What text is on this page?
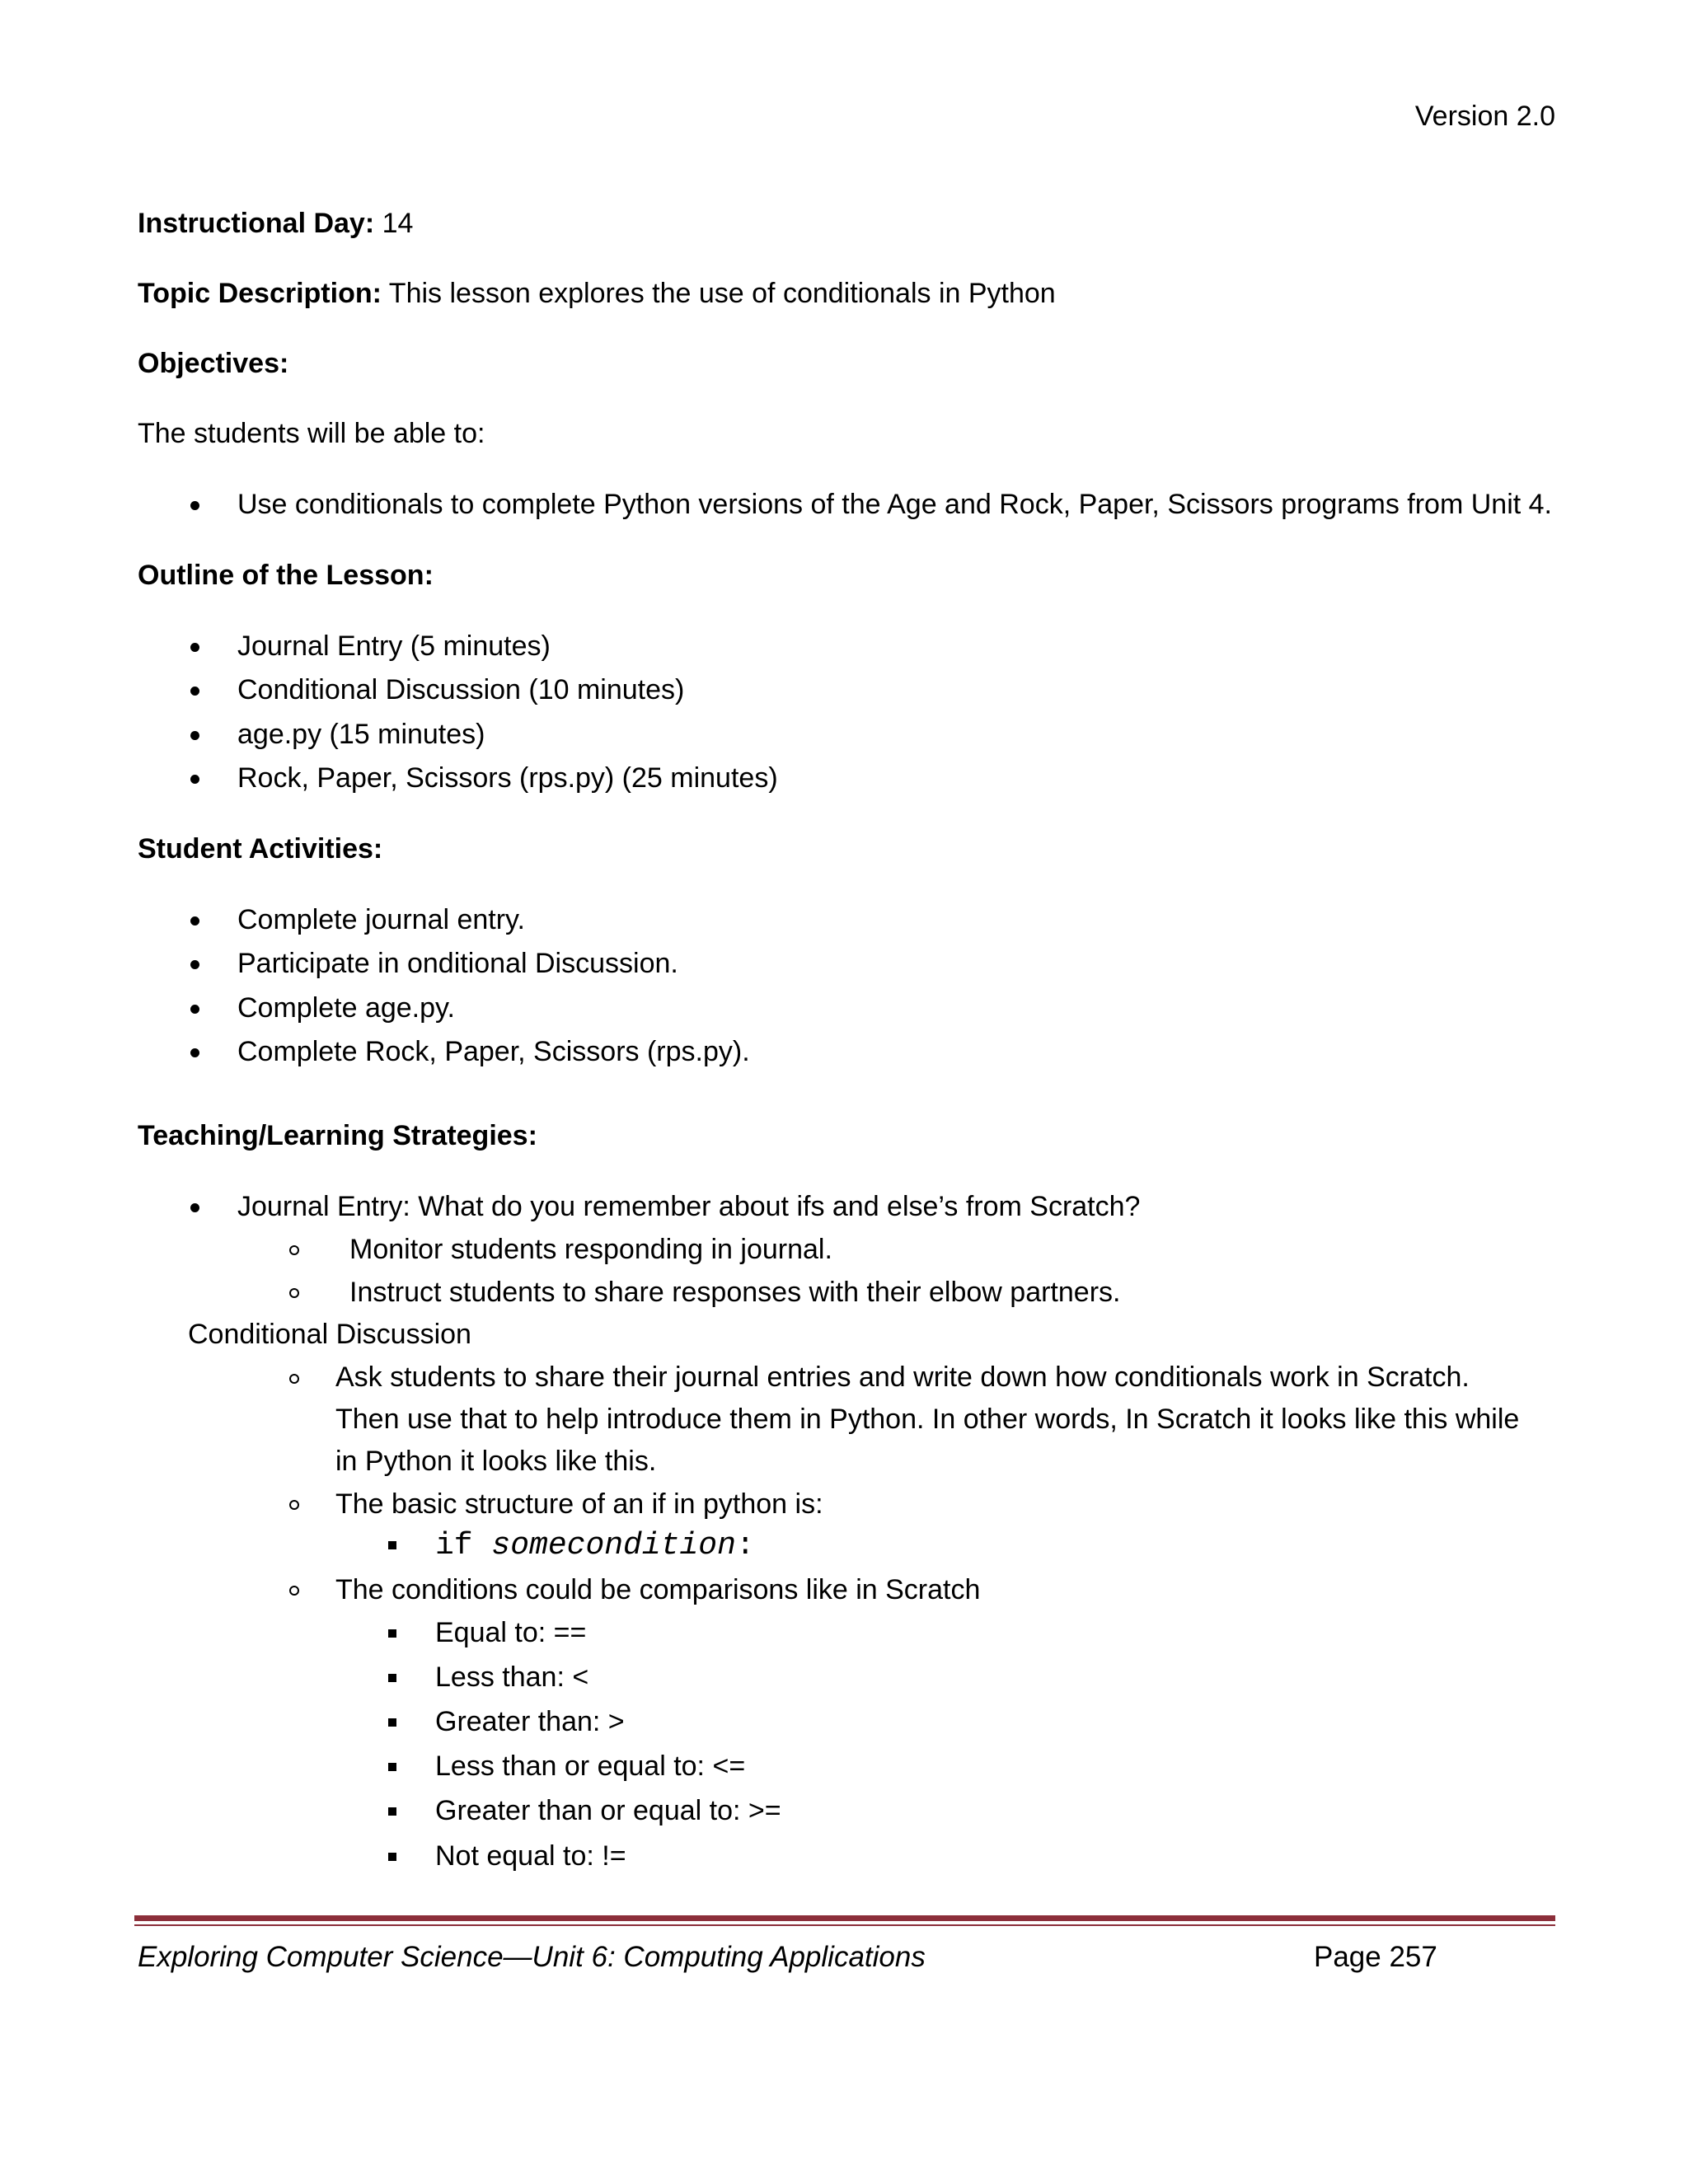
Version 2.0
Instructional Day: 14
Topic Description: This lesson explores the use of conditionals in Python
Objectives:
The students will be able to:
Use conditionals to complete Python versions of the Age and Rock, Paper, Scissors programs from Unit 4.
Outline of the Lesson:
Journal Entry (5 minutes)
Conditional Discussion (10 minutes)
age.py (15 minutes)
Rock, Paper, Scissors (rps.py) (25 minutes)
Student Activities:
Complete journal entry.
Participate in onditional Discussion.
Complete age.py.
Complete Rock, Paper, Scissors (rps.py).
Teaching/Learning Strategies:
Journal Entry: What do you remember about ifs and else’s from Scratch?
Monitor students responding in journal.
Instruct students to share responses with their elbow partners.
Conditional Discussion
Ask students to share their journal entries and write down how conditionals work in Scratch.
Then use that to help introduce them in Python. In other words, In Scratch it looks like this while
in Python it looks like this.
The basic structure of an if in python is:
if somecondition:
The conditions could be comparisons like in Scratch
Equal to: ==
Less than: <
Greater than: >
Less than or equal to: <=
Greater than or equal to: >=
Not equal to: !=
Exploring Computer Science—Unit 6: Computing Applications	Page 257
